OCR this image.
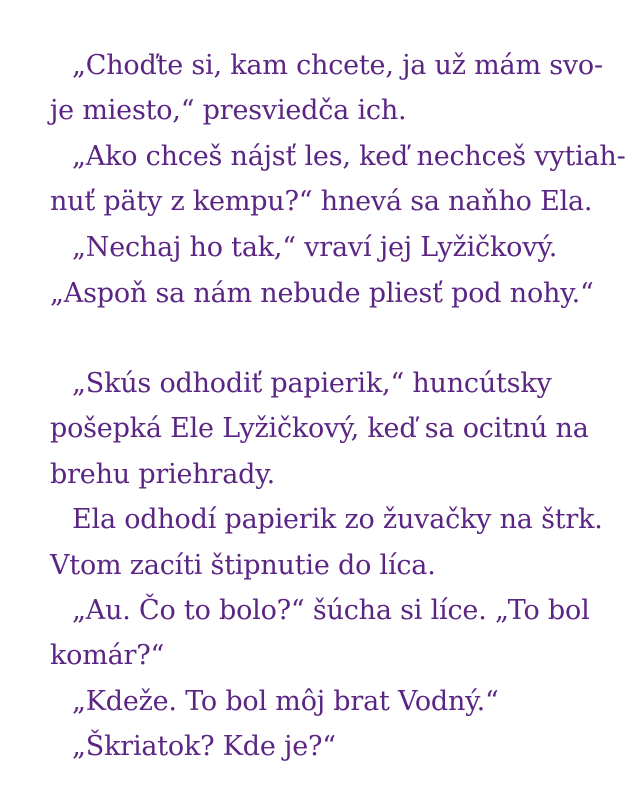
„Choďte si, kam chcete, ja už mám svo-
je miesto,“ presviedča ich.
„Ako chceš nájsť les, keď nechceš vytiah-
nuť päty z kempu?“ hnevá sa naňho Ela.
„Nechaj ho tak,“ vraví jej Lyžičkový.
„Aspoň sa nám nebude pliesť pod nohy.“
„Skús odhodiť papierik,“ huncútsky
pošepká Ele Lyžičkový, keď sa ocitnú na
brehu priehrady.
Ela odhodí papierik zo žuvačky na štrk.
Vtom zacíti štipnutie do líca.
„Au. Čo to bolo?“ šúcha si líce. „To bol
komár?“
„Kdeže. To bol môj brat Vodný.“
„Škriatok? Kde je?“
